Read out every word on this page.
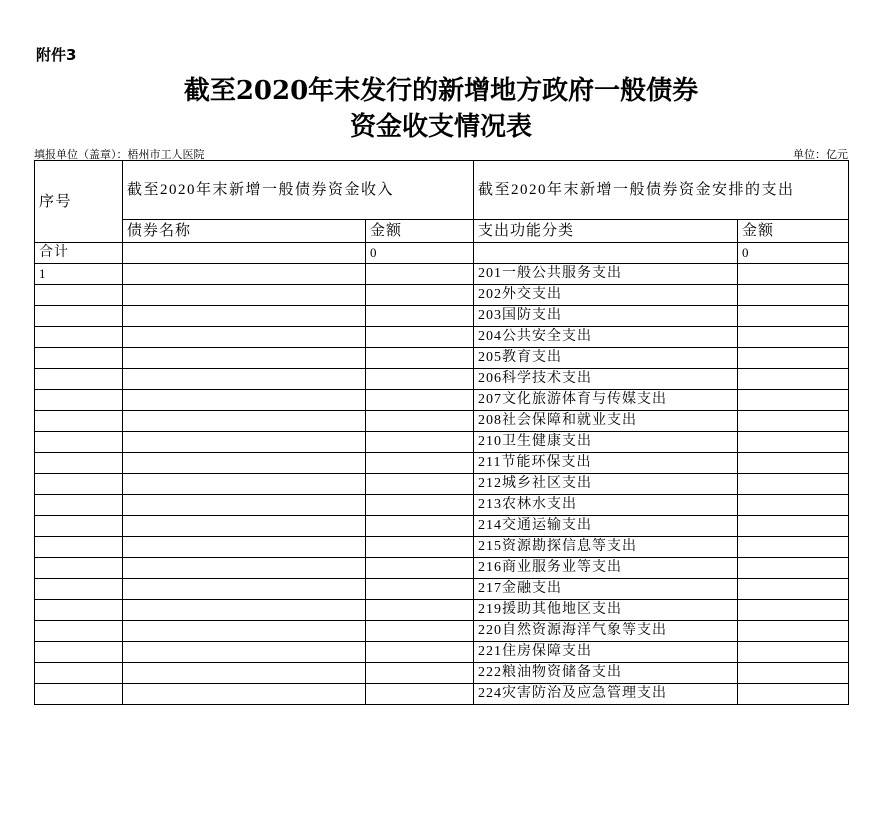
附件3
截至2020年末发行的新增地方政府一般债券
资金收支情况表
填报单位（盖章）：梧州市工人医院	单位：亿元
序号	截至2020年末新增一般债券资金收入		截至2020年末新增一般债券资金安排的支出	
	债券名称	金额	支出功能分类	金额
合计		0		0
1			201一般公共服务支出	
			202外交支出	
			203国防支出	
			204公共安全支出	
			205教育支出	
			206科学技术支出	
			207文化旅游体育与传媒支出	
			208社会保障和就业支出	
			210卫生健康支出	
			211节能环保支出	
			212城乡社区支出	
			213农林水支出	
			214交通运输支出	
			215资源勘探信息等支出	
			216商业服务业等支出	
			217金融支出	
			219援助其他地区支出	
			220自然资源海洋气象等支出	
			221住房保障支出	
			222粮油物资储备支出	
			224灾害防治及应急管理支出	
